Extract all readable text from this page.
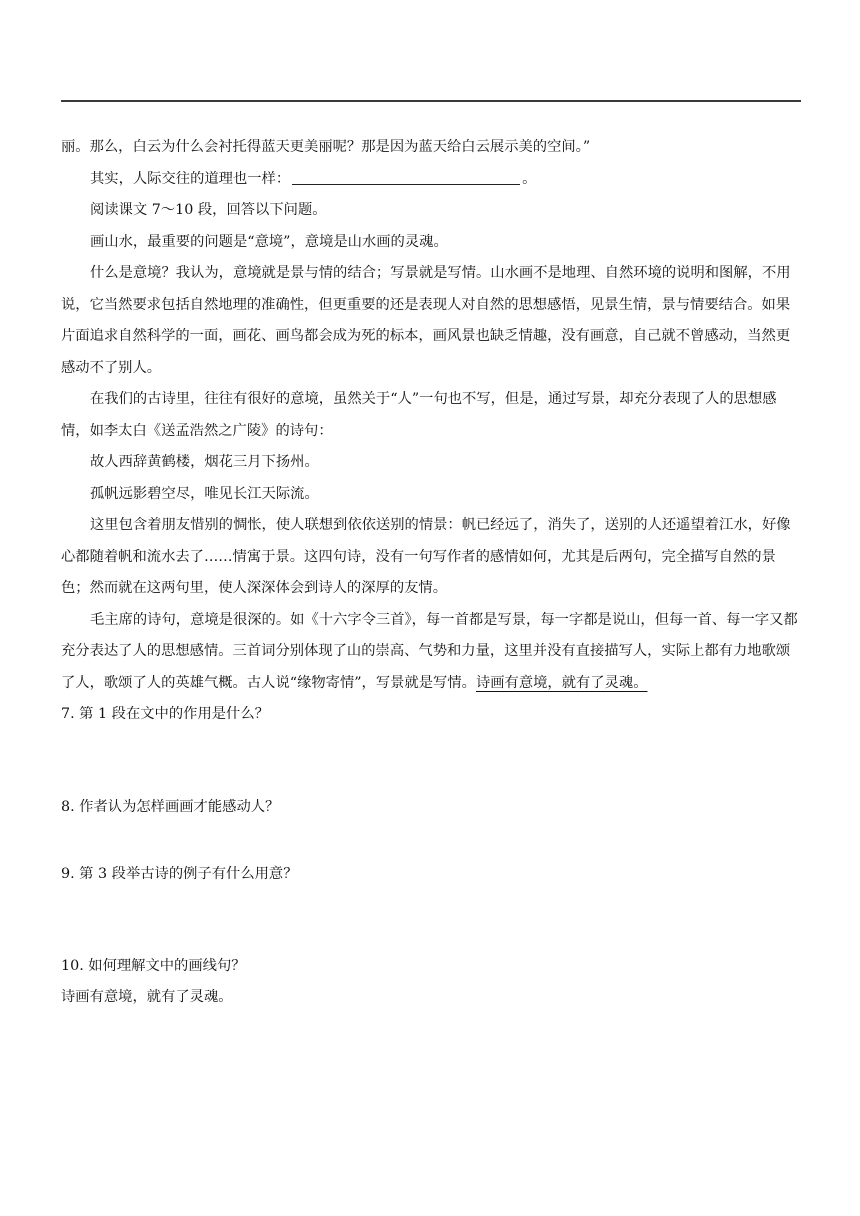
丽。那么，白云为什么会衬托得蓝天更美丽呢？那是因为蓝天给白云展示美的空间。”

其实，人际交往的道理也一样：	。

阅读课文 7～10 段，回答以下问题。

画山水，最重要的问题是“意境”，意境是山水画的灵魂。

什么是意境？我认为，意境就是景与情的结合；写景就是写情。山水画不是地理、自然环境的说明和图解，不用说，它当然要求包括自然地理的准确性，但更重要的还是表现人对自然的思想感悟，见景生情，景与情要结合。如果片面追求自然科学的一面，画花、画鸟都会成为死的标本，画风景也缺乏情趣，没有画意，自己就不曾感动，当然更感动不了别人。

在我们的古诗里，往往有很好的意境，虽然关于“人”一句也不写，但是，通过写景，却充分表现了人的思想感情，如李太白《送孟浩然之广陵》的诗句：

故人西辞黄鹤楼，烟花三月下扬州。

孤帆远影碧空尽，唯见长江天际流。

这里包含着朋友惜别的惆怅，使人联想到依依送别的情景：帆已经远了，消失了，送别的人还遥望着江水，好像心都随着帆和流水去了……情寓于景。这四句诗，没有一句写作者的感情如何，尤其是后两句，完全描写自然的景色；然而就在这两句里，使人深深体会到诗人的深厚的友情。

毛主席的诗句，意境是很深的。如《十六字令三首》，每一首都是写景，每一字都是说山，但每一首、每一字又都充分表达了人的思想感情。三首词分别体现了山的崇高、气势和力量，这里并没有直接描写人，实际上都有力地歌颂了人，歌颂了人的英雄气概。古人说“缘物寄情”，写景就是写情。诗画有意境，就有了灵魂。

7. 第 1 段在文中的作用是什么？

8. 作者认为怎样画画才能感动人？

9. 第 3 段举古诗的例子有什么用意？

10. 如何理解文中的画线句？

诗画有意境，就有了灵魂。
